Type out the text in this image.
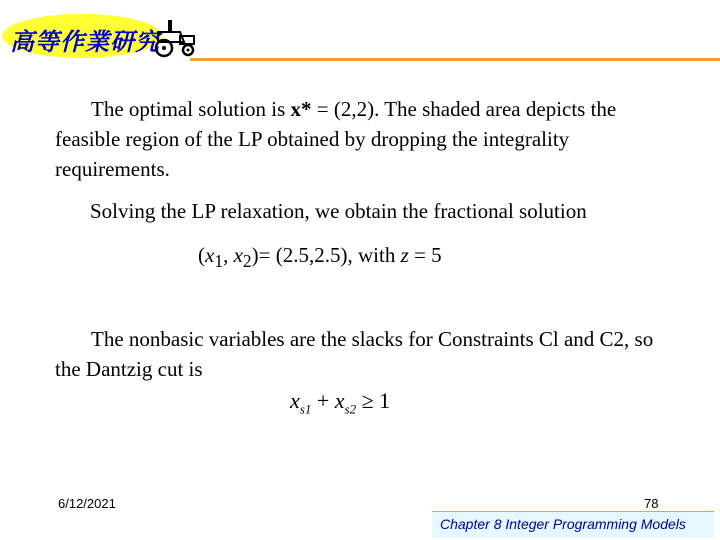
高等作業研究

The optimal solution is x* = (2,2). The shaded area depicts the feasible region of the LP obtained by dropping the integrality requirements.

Solving the LP relaxation, we obtain the fractional solution

($x_1$, $x_2)= (2.5,2.5)$, with z = 5

The nonbasic variables are the slacks for Constraints Cl and C2, so the Dantzig cut is

$x_{s1} + x_{s2} \ge 1$
6/12/2021	78
Chapter 8 Integer Programming Models
